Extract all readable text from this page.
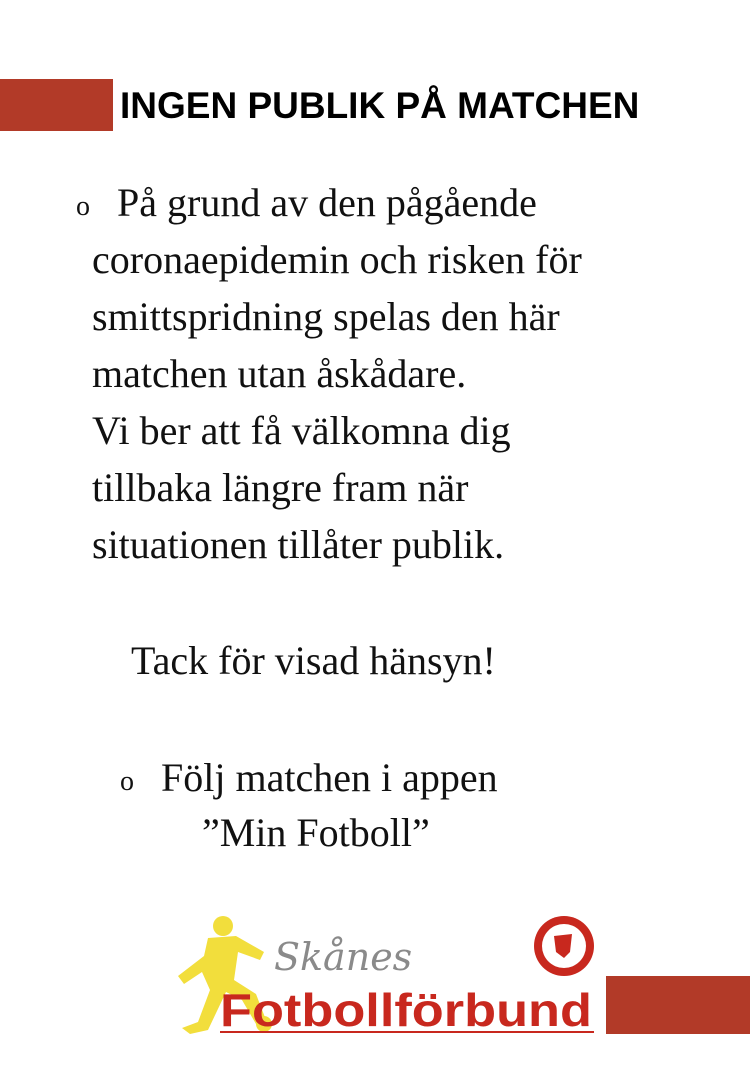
INGEN PUBLIK PÅ MATCHEN
o På grund av den pågående
coronaepidemin och risken för
smittspridning spelas den här
matchen utan åskådare.
Vi ber att få välkomna dig
tillbaka längre fram när
situationen tillåter publik.
Tack för visad hänsyn!
o Följ matchen i appen
”Min Fotboll”
Skånes
Fotbollförbund
